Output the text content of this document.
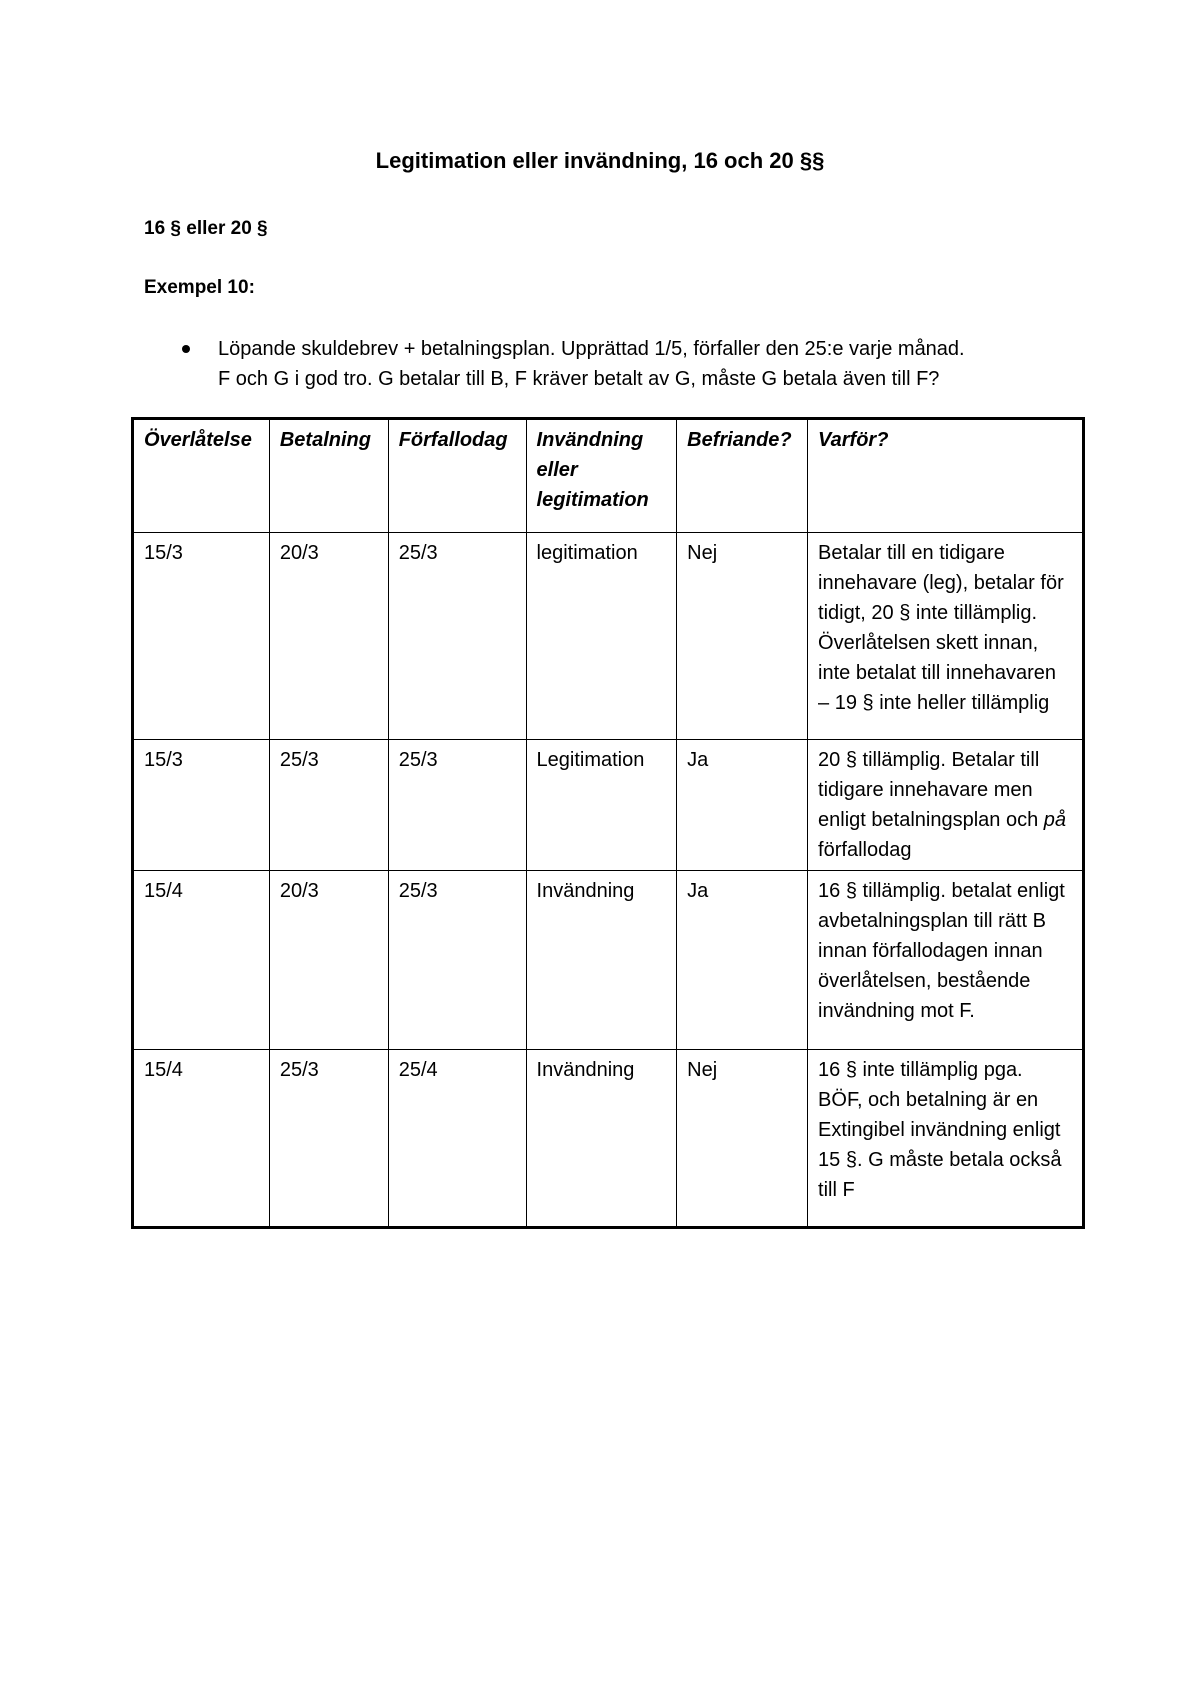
Legitimation eller invändning, 16 och 20 §§
16 § eller 20 §
Exempel 10:
Löpande skuldebrev + betalningsplan. Upprättad 1/5, förfaller den 25:e varje månad.
F och G i god tro. G betalar till B, F kräver betalt av G, måste G betala även till F?
Överlåtelse	Betalning	Förfallodag	Invändning eller legitimation	Befriande?	Varför?
15/3	20/3	25/3	legitimation	Nej	Betalar till en tidigare innehavare (leg), betalar för tidigt, 20 § inte tillämplig. Överlåtelsen skett innan, inte betalat till innehavaren – 19 § inte heller tillämplig
15/3	25/3	25/3	Legitimation	Ja	20 § tillämplig. Betalar till tidigare innehavare men enligt betalningsplan och på förfallodag
15/4	20/3	25/3	Invändning	Ja	16 § tillämplig. betalat enligt avbetalningsplan till rätt B innan förfallodagen innan överlåtelsen, bestående invändning mot F.
15/4	25/3	25/4	Invändning	Nej	16 § inte tillämplig pga. BÖF, och betalning är en Extingibel invändning enligt 15 §. G måste betala också till F
